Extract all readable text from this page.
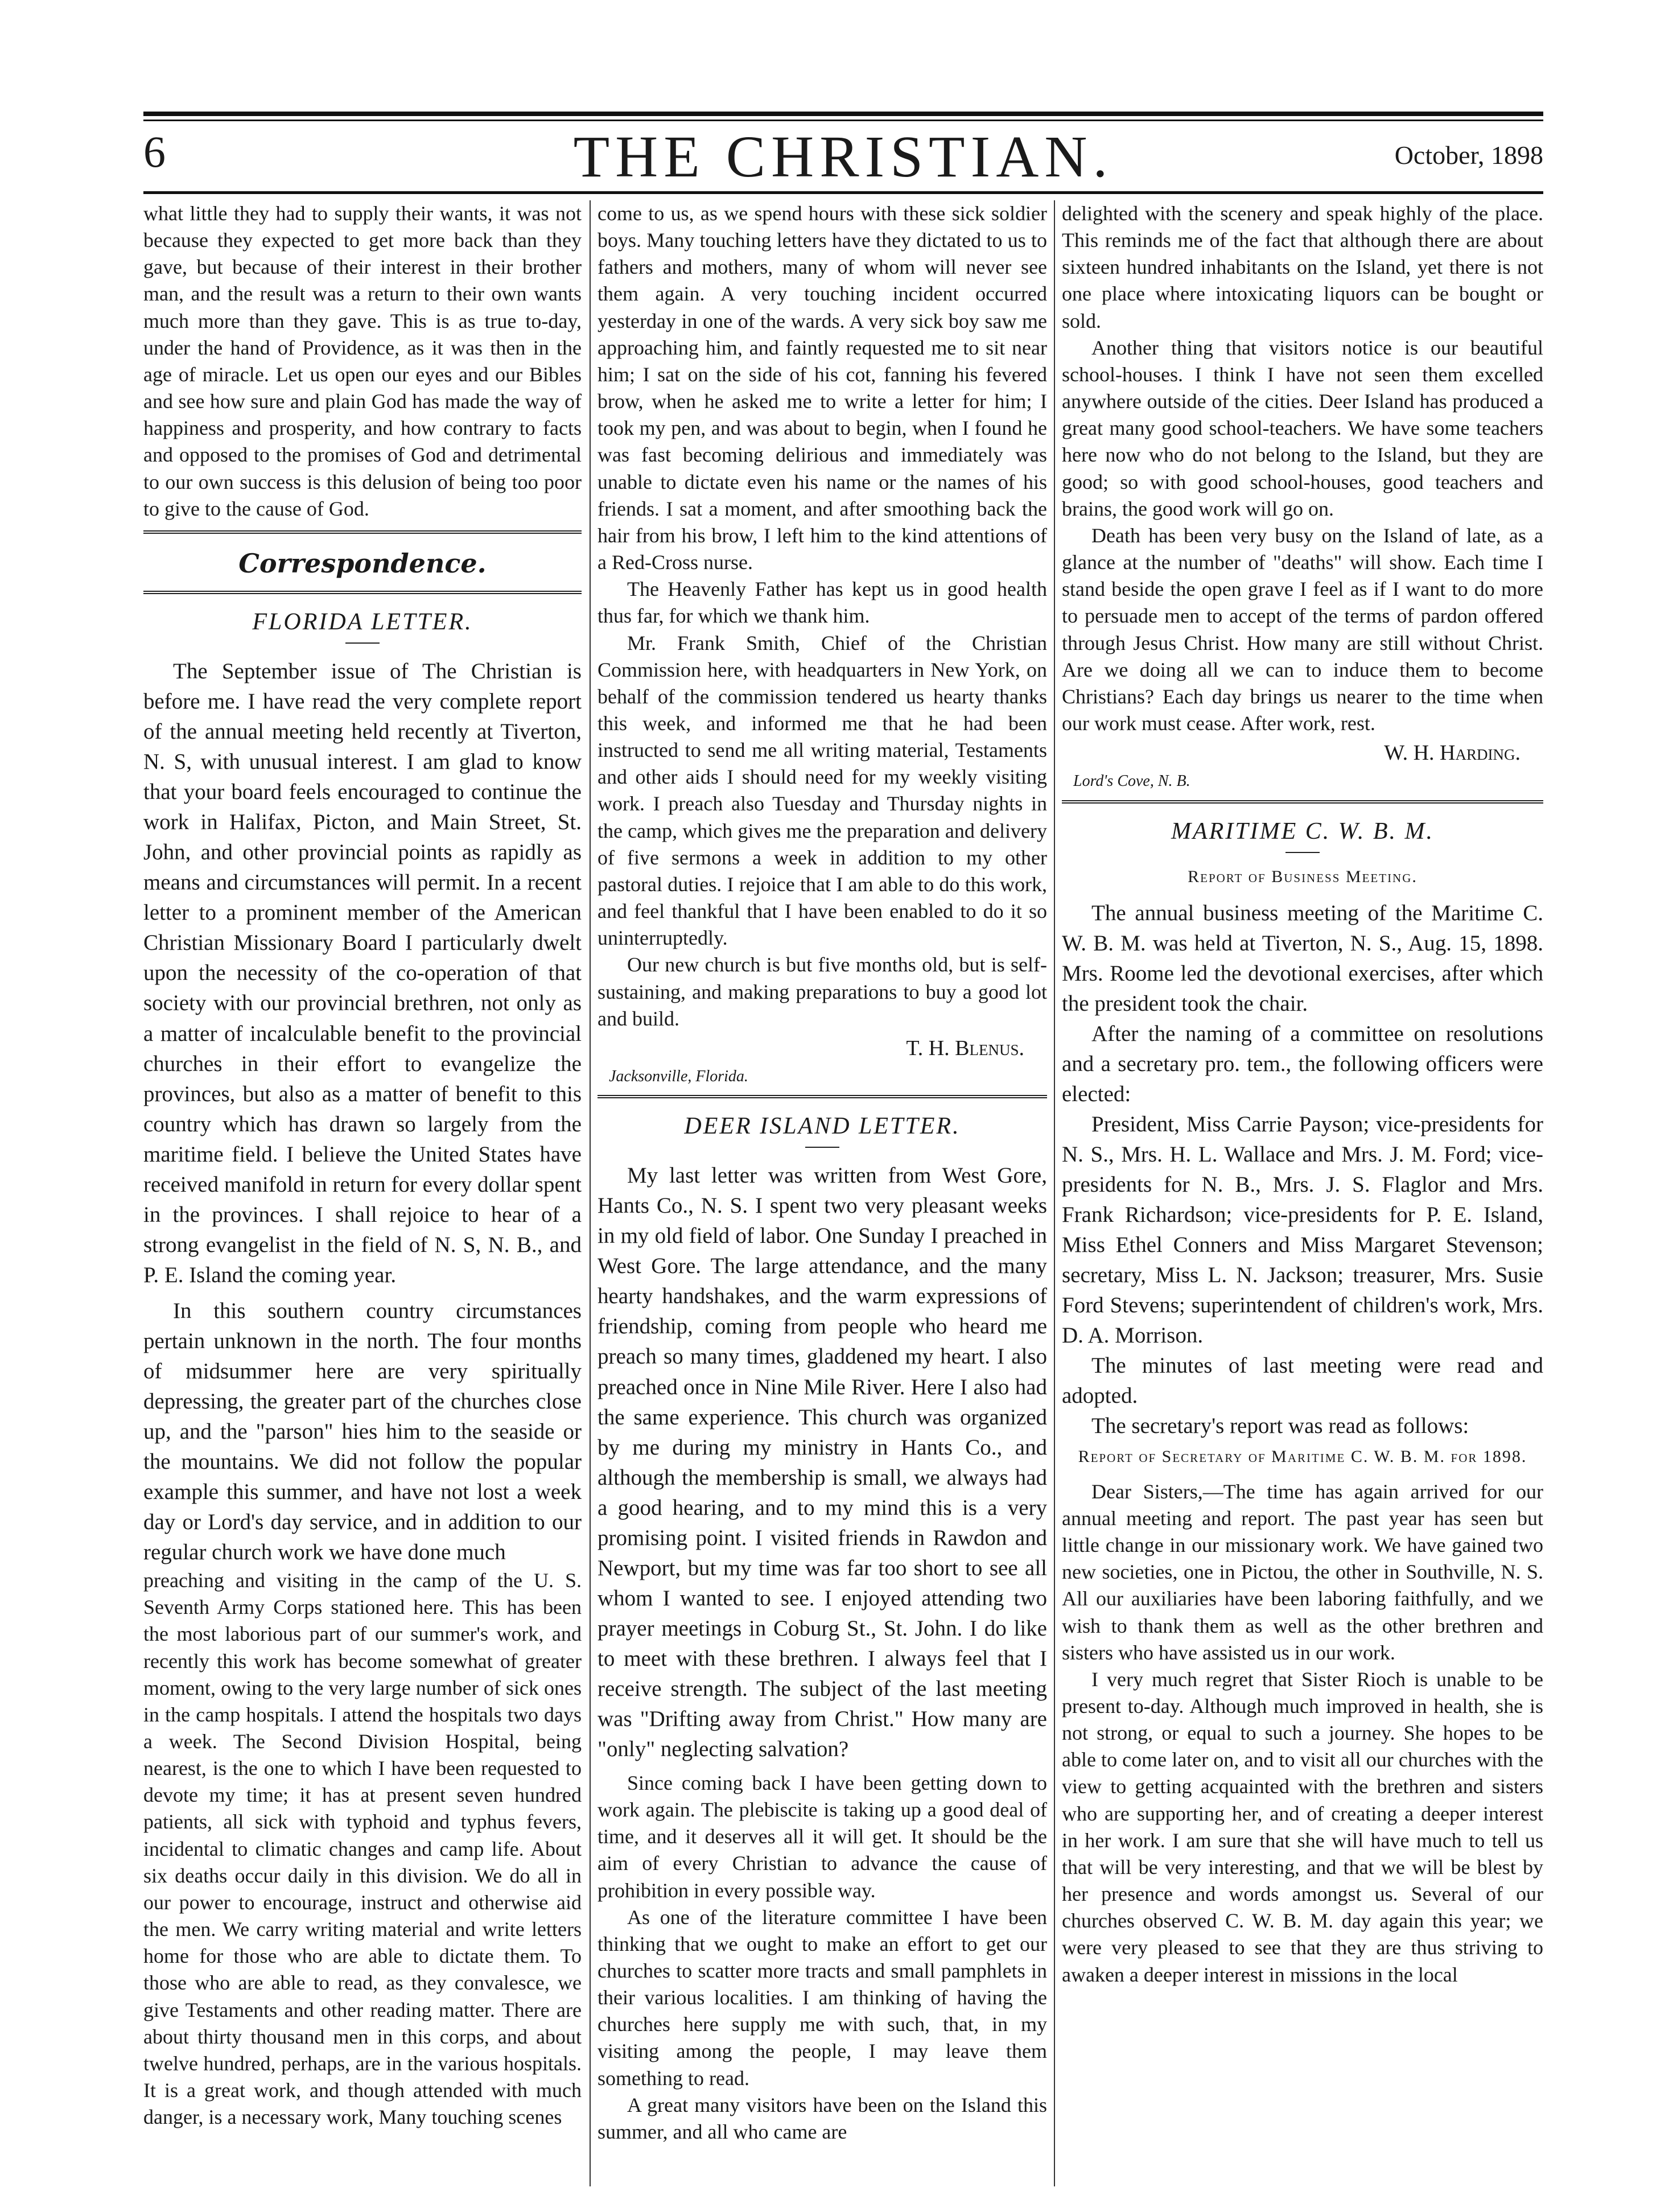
6	THE CHRISTIAN.	October, 1898

what little they had to supply their wants, it was not because they expected to get more back than they gave, but because of their interest in their brother man, and the result was a return to their own wants much more than they gave. This is as true to-day, under the hand of Providence, as it was then in the age of miracle. Let us open our eyes and our Bibles and see how sure and plain God has made the way of happiness and prosperity, and how contrary to facts and opposed to the promises of God and detrimental to our own success is this delusion of being too poor to give to the cause of God.

Correspondence.
FLORIDA LETTER.

The September issue of The Christian is before me. I have read the very complete report of the annual meeting held recently at Tiverton, N. S, with unusual interest. I am glad to know that your board feels encouraged to continue the work in Halifax, Picton, and Main Street, St. John, and other provincial points as rapidly as means and circumstances will permit. In a recent letter to a prominent member of the American Christian Missionary Board I particularly dwelt upon the necessity of the co-operation of that society with our provincial brethren, not only as a matter of incalculable benefit to the provincial churches in their effort to evangelize the provinces, but also as a matter of benefit to this country which has drawn so largely from the maritime field. I believe the United States have received manifold in return for every dollar spent in the provinces. I shall rejoice to hear of a strong evangelist in the field of N. S, N. B., and P. E. Island the coming year.

In this southern country circumstances pertain unknown in the north. The four months of midsummer here are very spiritually depressing, the greater part of the churches close up, and the "parson" hies him to the seaside or the mountains. We did not follow the popular example this summer, and have not lost a week day or Lord's day service, and in addition to our regular church work we have done much

preaching and visiting in the camp of the U. S. Seventh Army Corps stationed here. This has been the most laborious part of our summer's work, and recently this work has become somewhat of greater moment, owing to the very large number of sick ones in the camp hospitals. I attend the hospitals two days a week. The Second Division Hospital, being nearest, is the one to which I have been requested to devote my time; it has at present seven hundred patients, all sick with typhoid and typhus fevers, incidental to climatic changes and camp life. About six deaths occur daily in this division. We do all in our power to encourage, instruct and otherwise aid the men. We carry writing material and write letters home for those who are able to dictate them. To those who are able to read, as they convalesce, we give Testaments and other reading matter. There are about thirty thousand men in this corps, and about twelve hundred, perhaps, are in the various hospitals. It is a great work, and though attended with much danger, is a necessary work, Many touching scenes

come to us, as we spend hours with these sick soldier boys. Many touching letters have they dictated to us to fathers and mothers, many of whom will never see them again. A very touching incident occurred yesterday in one of the wards. A very sick boy saw me approaching him, and faintly requested me to sit near him; I sat on the side of his cot, fanning his fevered brow, when he asked me to write a letter for him; I took my pen, and was about to begin, when I found he was fast becoming delirious and immediately was unable to dictate even his name or the names of his friends. I sat a moment, and after smoothing back the hair from his brow, I left him to the kind attentions of a Red-Cross nurse.

The Heavenly Father has kept us in good health thus far, for which we thank him.

Mr. Frank Smith, Chief of the Christian Commission here, with headquarters in New York, on behalf of the commission tendered us hearty thanks this week, and informed me that he had been instructed to send me all writing material, Testaments and other aids I should need for my weekly visiting work. I preach also Tuesday and Thursday nights in the camp, which gives me the preparation and delivery of five sermons a week in addition to my other pastoral duties. I rejoice that I am able to do this work, and feel thankful that I have been enabled to do it so uninterruptedly.

Our new church is but five months old, but is self-sustaining, and making preparations to buy a good lot and build.

T. H. Blenus.
Jacksonville, Florida.
DEER ISLAND LETTER.

My last letter was written from West Gore, Hants Co., N. S. I spent two very pleasant weeks in my old field of labor. One Sunday I preached in West Gore. The large attendance, and the many hearty handshakes, and the warm expressions of friendship, coming from people who heard me preach so many times, gladdened my heart. I also preached once in Nine Mile River. Here I also had the same experience. This church was organized by me during my ministry in Hants Co., and although the membership is small, we always had a good hearing, and to my mind this is a very promising point. I visited friends in Rawdon and Newport, but my time was far too short to see all whom I wanted to see. I enjoyed attending two prayer meetings in Coburg St., St. John. I do like to meet with these brethren. I always feel that I receive strength. The subject of the last meeting was "Drifting away from Christ." How many are "only" neglecting salvation?

Since coming back I have been getting down to work again. The plebiscite is taking up a good deal of time, and it deserves all it will get. It should be the aim of every Christian to advance the cause of prohibition in every possible way.

As one of the literature committee I have been thinking that we ought to make an effort to get our churches to scatter more tracts and small pamphlets in their various localities. I am thinking of having the churches here supply me with such, that, in my visiting among the people, I may leave them something to read.

A great many visitors have been on the Island this summer, and all who came are

delighted with the scenery and speak highly of the place. This reminds me of the fact that although there are about sixteen hundred inhabitants on the Island, yet there is not one place where intoxicating liquors can be bought or sold.

Another thing that visitors notice is our beautiful school-houses. I think I have not seen them excelled anywhere outside of the cities. Deer Island has produced a great many good school-teachers. We have some teachers here now who do not belong to the Island, but they are good; so with good school-houses, good teachers and brains, the good work will go on.

Death has been very busy on the Island of late, as a glance at the number of "deaths" will show. Each time I stand beside the open grave I feel as if I want to do more to persuade men to accept of the terms of pardon offered through Jesus Christ. How many are still without Christ. Are we doing all we can to induce them to become Christians? Each day brings us nearer to the time when our work must cease. After work, rest.

W. H. Harding.
Lord's Cove, N. B.
MARITIME C. W. B. M.
Report of Business Meeting.

The annual business meeting of the Maritime C. W. B. M. was held at Tiverton, N. S., Aug. 15, 1898. Mrs. Roome led the devotional exercises, after which the president took the chair.

After the naming of a committee on resolutions and a secretary pro. tem., the following officers were elected:

President, Miss Carrie Payson; vice-presidents for N. S., Mrs. H. L. Wallace and Mrs. J. M. Ford; vice-presidents for N. B., Mrs. J. S. Flaglor and Mrs. Frank Richardson; vice-presidents for P. E. Island, Miss Ethel Conners and Miss Margaret Stevenson; secretary, Miss L. N. Jackson; treasurer, Mrs. Susie Ford Stevens; superintendent of children's work, Mrs. D. A. Morrison.

The minutes of last meeting were read and adopted.

The secretary's report was read as follows:

Report of Secretary of Maritime C. W. B. M. for 1898.

Dear Sisters,—The time has again arrived for our annual meeting and report. The past year has seen but little change in our missionary work. We have gained two new societies, one in Pictou, the other in Southville, N. S. All our auxiliaries have been laboring faithfully, and we wish to thank them as well as the other brethren and sisters who have assisted us in our work.

I very much regret that Sister Rioch is unable to be present to-day. Although much improved in health, she is not strong, or equal to such a journey. She hopes to be able to come later on, and to visit all our churches with the view to getting acquainted with the brethren and sisters who are supporting her, and of creating a deeper interest in her work. I am sure that she will have much to tell us that will be very interesting, and that we will be blest by her presence and words amongst us. Several of our churches observed C. W. B. M. day again this year; we were very pleased to see that they are thus striving to awaken a deeper interest in missions in the local
